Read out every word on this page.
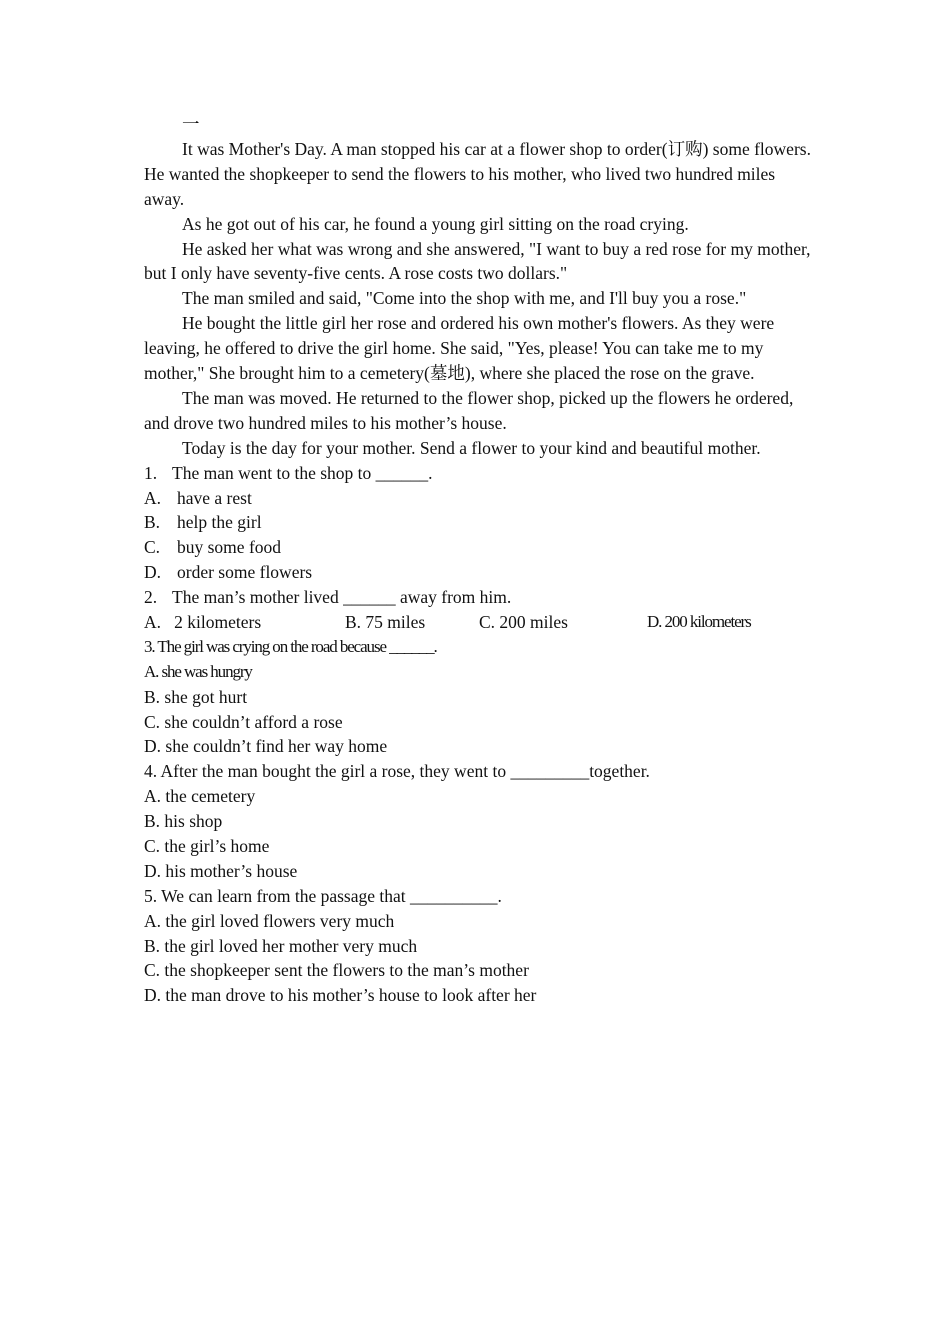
一

It was Mother's Day. A man stopped his car at a flower shop to order(订购) some flowers. He wanted the shopkeeper to send the flowers to his mother, who lived two hundred miles away.

As he got out of his car, he found a young girl sitting on the road crying.

He asked her what was wrong and she answered, "I want to buy a red rose for my mother, but I only have seventy-five cents. A rose costs two dollars."

The man smiled and said, "Come into the shop with me, and I'll buy you a rose."

He bought the little girl her rose and ordered his own mother's flowers. As they were leaving, he offered to drive the girl home. She said, "Yes, please! You can take me to my mother," She brought him to a cemetery(墓地), where she placed the rose on the grave.

The man was moved. He returned to the flower shop, picked up the flowers he ordered, and drove two hundred miles to his mother’s house.

Today is the day for your mother. Send a flower to your kind and beautiful mother.

1. The man went to the shop to ______.
A. have a rest
B. help the girl
C. buy some food
D. order some flowers
2. The man’s mother lived ______ away from him.
A.   2 kilometers	B. 75 miles	C. 200 miles	D. 200 kilometers
3. The girl was crying on the road because ______.
A. she was hungry
B. she got hurt
C. she couldn’t afford a rose
D. she couldn’t find her way home
4. After the man bought the girl a rose, they went to _________together.
A. the cemetery
B. his shop
C. the girl’s home
D. his mother’s house
5. We can learn from the passage that __________.
A. the girl loved flowers very much
B. the girl loved her mother very much
C. the shopkeeper sent the flowers to the man’s mother
D. the man drove to his mother’s house to look after her
